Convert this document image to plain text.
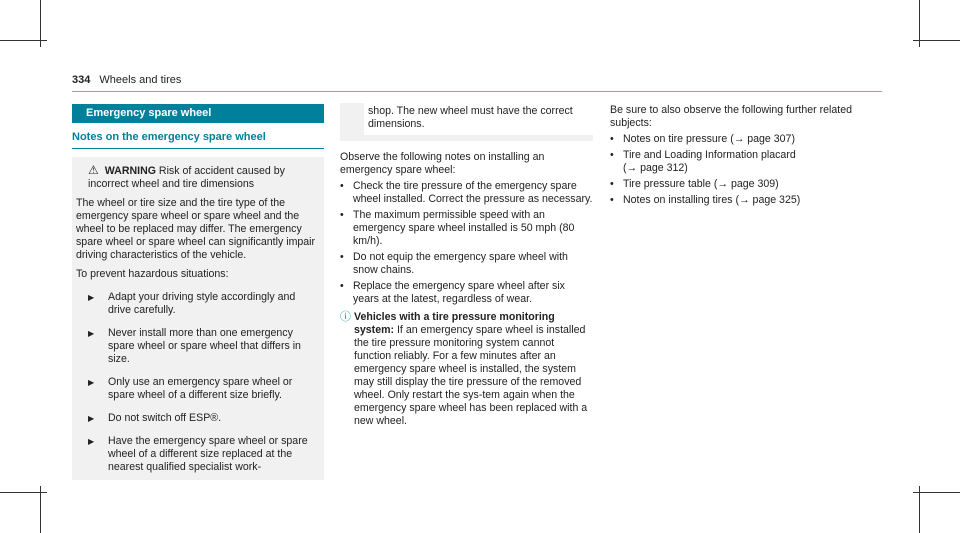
334 Wheels and tires
Emergency spare wheel
Notes on the emergency spare wheel

⚠ WARNING Risk of accident caused by incorrect wheel and tire dimensions

The wheel or tire size and the tire type of the emergency spare wheel or spare wheel and the wheel to be replaced may differ. The emergency spare wheel or spare wheel can significantly impair driving characteristics of the vehicle.

To prevent hazardous situations:

▶	Adapt your driving style accordingly and drive carefully.
▶	Never install more than one emergency spare wheel or spare wheel that differs in size.
▶	Only use an emergency spare wheel or spare wheel of a different size briefly.
▶	Do not switch off ESP®.
▶	Have the emergency spare wheel or spare wheel of a different size replaced at the nearest qualified specialist work-
shop. The new wheel must have the correct dimensions.
Observe the following notes on installing an emergency spare wheel:
• Check the tire pressure of the emergency spare wheel installed. Correct the pressure as necessary.
• The maximum permissible speed with an emergency spare wheel installed is 50 mph (80 km/h).
• Do not equip the emergency spare wheel with snow chains.
• Replace the emergency spare wheel after six years at the latest, regardless of wear.
ⓘ Vehicles with a tire pressure monitoring system: If an emergency spare wheel is installed the tire pressure monitoring system cannot function reliably. For a few minutes after an emergency spare wheel is installed, the system may still display the tire pressure of the removed wheel. Only restart the sys-tem again when the emergency spare wheel has been replaced with a new wheel.
Be sure to also observe the following further related subjects:
• Notes on tire pressure (→ page 307)
• Tire and Loading Information placard
(→ page 312)
• Tire pressure table (→ page 309)
• Notes on installing tires (→ page 325)
